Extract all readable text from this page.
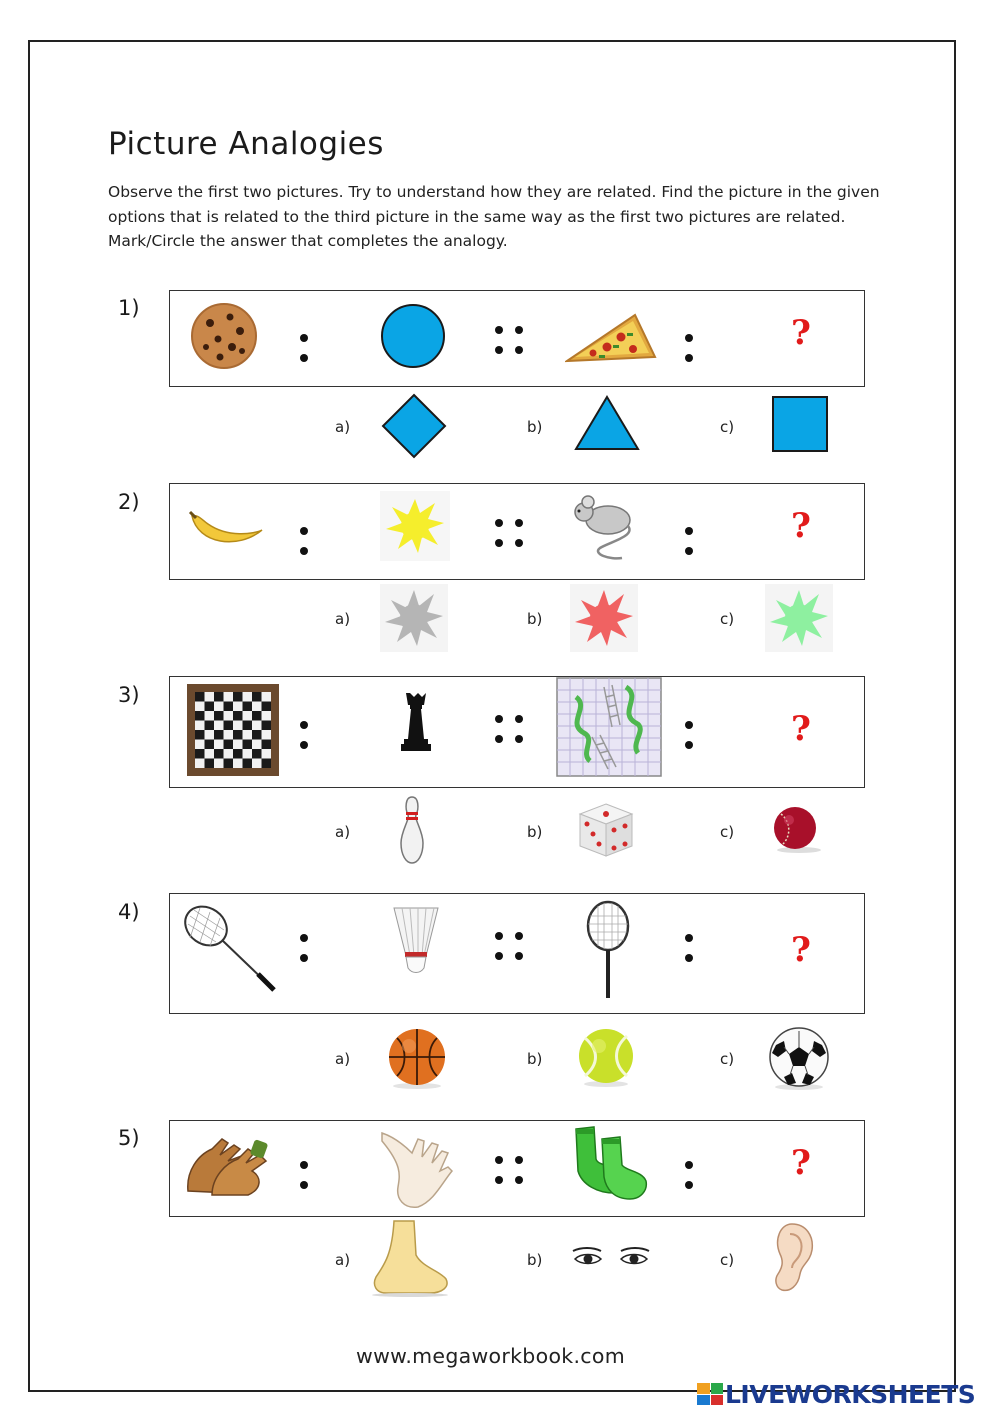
Picture Analogies
Observe the first two pictures. Try to understand how they are related. Find the picture in the given options that is related to the third picture in the same way as the first two pictures are related. Mark/Circle the answer that completes the analogy.
1)
?
a)	b)	c)
2)
?
a)	b)	c)
3)
?
a)	b)	c)
4)
?
a)	b)	c)
5)
?
a)	b)	c)
www.megaworkbook.com
LIVEWORKSHEETS
